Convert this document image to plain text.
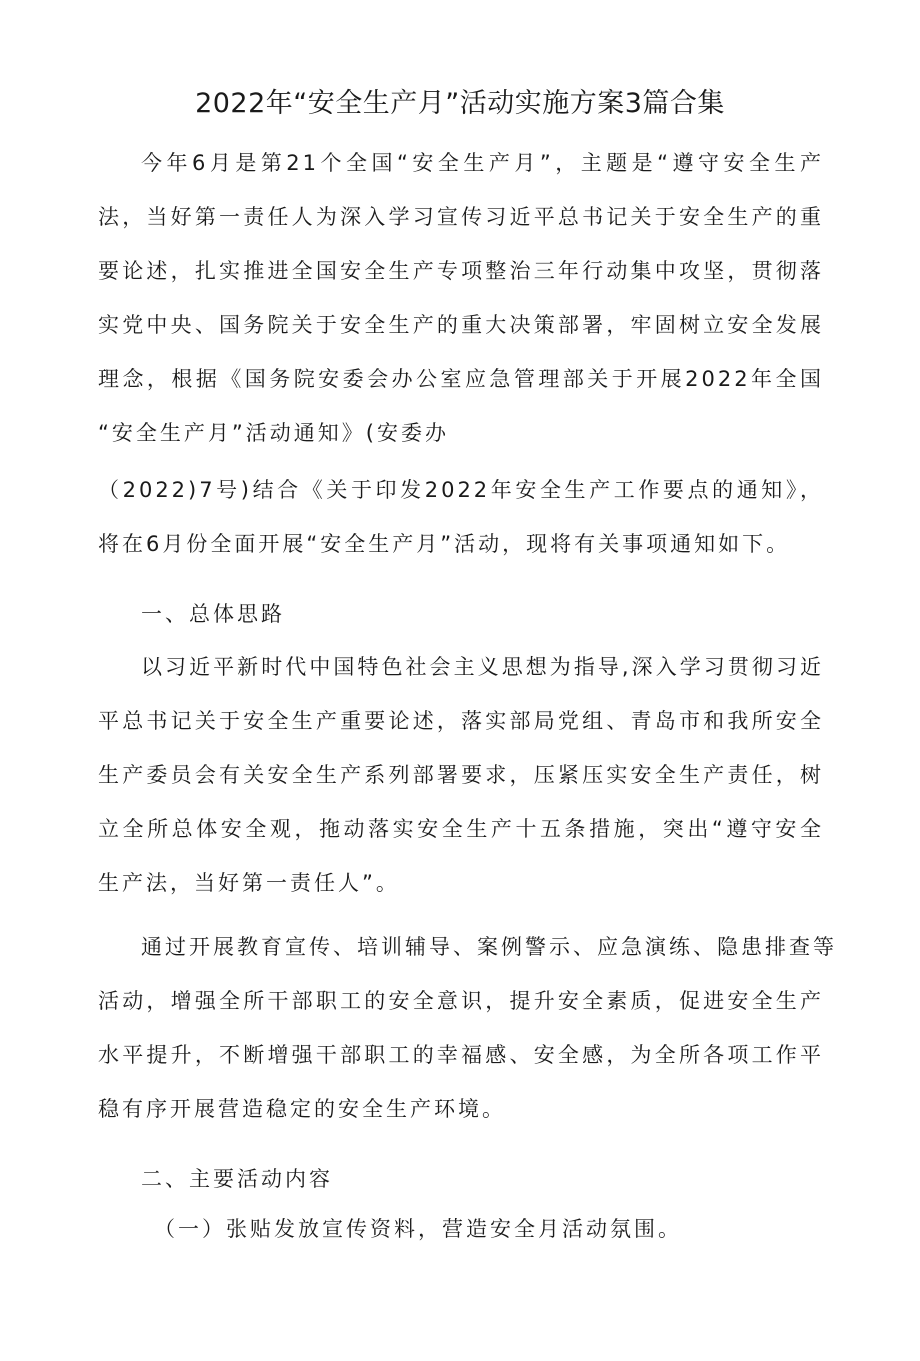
2022年“安全生产月”活动实施方案3篇合集
今年6月是第21个全国“安全生产月”，主题是“遵守安全生产
法，当好第一责任人为深入学习宣传习近平总书记关于安全生产的重
要论述，扎实推进全国安全生产专项整治三年行动集中攻坚，贯彻落
实党中央、国务院关于安全生产的重大决策部署，牢固树立安全发展
理念，根据《国务院安委会办公室应急管理部关于开展2022年全国
“安全生产月”活动通知》(安委办
（2022)7号)结合《关于印发2022年安全生产工作要点的通知》，
将在6月份全面开展“安全生产月”活动，现将有关事项通知如下。
一、总体思路
以习近平新时代中国特色社会主义思想为指导,深入学习贯彻习近
平总书记关于安全生产重要论述，落实部局党组、青岛市和我所安全
生产委员会有关安全生产系列部署要求，压紧压实安全生产责任，树
立全所总体安全观，拖动落实安全生产十五条措施，突出“遵守安全
生产法，当好第一责任人”。
通过开展教育宣传、培训辅导、案例警示、应急演练、隐患排查等
活动，增强全所干部职工的安全意识，提升安全素质，促进安全生产
水平提升，不断增强干部职工的幸福感、安全感，为全所各项工作平
稳有序开展营造稳定的安全生产环境。
二、主要活动内容
（一）张贴发放宣传资料，营造安全月活动氛围。
